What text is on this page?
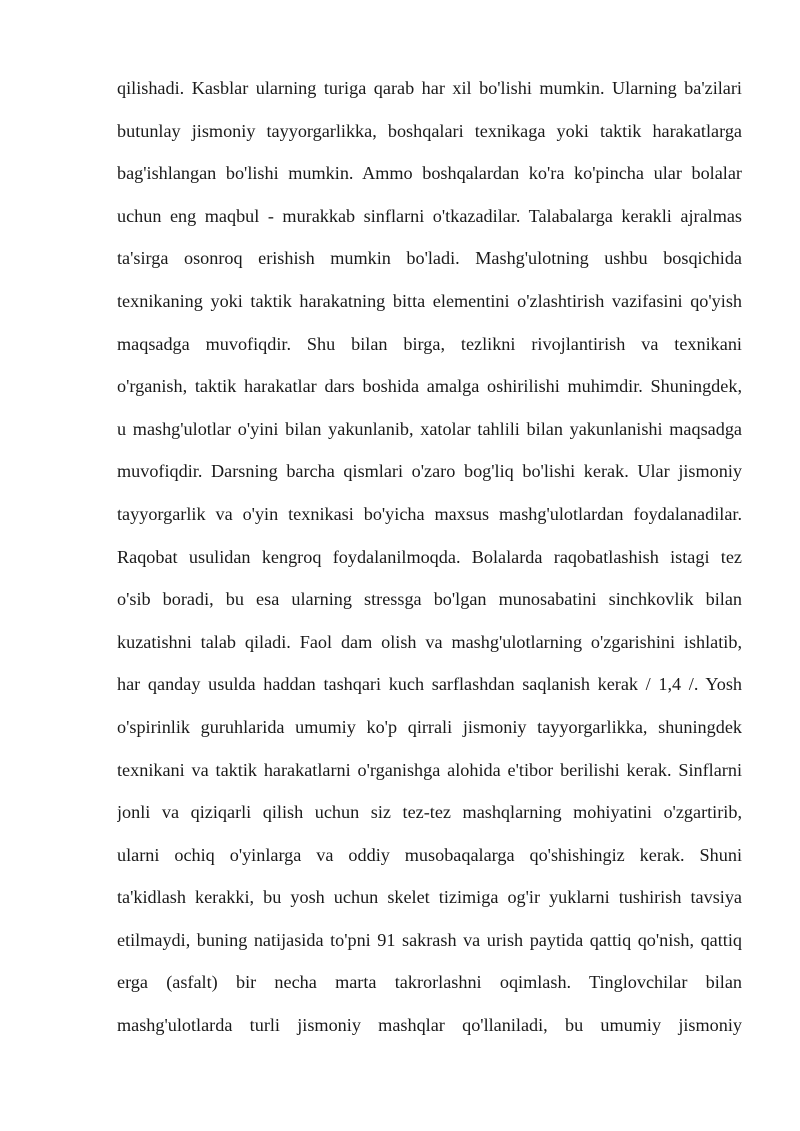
qilishadi. Kasblar ularning turiga qarab har xil bo'lishi mumkin. Ularning ba'zilari
butunlay jismoniy tayyorgarlikka, boshqalari texnikaga yoki taktik harakatlarga
bag'ishlangan bo'lishi mumkin. Ammo boshqalardan ko'ra ko'pincha ular bolalar
uchun eng maqbul - murakkab sinflarni o'tkazadilar. Talabalarga kerakli ajralmas
ta'sirga osonroq erishish mumkin bo'ladi. Mashg'ulotning ushbu bosqichida
texnikaning yoki taktik harakatning bitta elementini o'zlashtirish vazifasini qo'yish
maqsadga muvofiqdir. Shu bilan birga, tezlikni rivojlantirish va texnikani
o'rganish, taktik harakatlar dars boshida amalga oshirilishi muhimdir. Shuningdek,
u mashg'ulotlar o'yini bilan yakunlanib, xatolar tahlili bilan yakunlanishi maqsadga
muvofiqdir. Darsning barcha qismlari o'zaro bog'liq bo'lishi kerak. Ular jismoniy
tayyorgarlik va o'yin texnikasi bo'yicha maxsus mashg'ulotlardan foydalanadilar.
Raqobat usulidan kengroq foydalanilmoqda. Bolalarda raqobatlashish istagi tez
o'sib boradi, bu esa ularning stressga bo'lgan munosabatini sinchkovlik bilan
kuzatishni talab qiladi. Faol dam olish va mashg'ulotlarning o'zgarishini ishlatib,
har qanday usulda haddan tashqari kuch sarflashdan saqlanish kerak / 1,4 /. Yosh
o'spirinlik guruhlarida umumiy ko'p qirrali jismoniy tayyorgarlikka, shuningdek
texnikani va taktik harakatlarni o'rganishga alohida e'tibor berilishi kerak. Sinflarni
jonli va qiziqarli qilish uchun siz tez-tez mashqlarning mohiyatini o'zgartirib,
ularni ochiq o'yinlarga va oddiy musobaqalarga qo'shishingiz kerak. Shuni
ta'kidlash kerakki, bu yosh uchun skelet tizimiga og'ir yuklarni tushirish tavsiya
etilmaydi, buning natijasida to'pni 91 sakrash va urish paytida qattiq qo'nish, qattiq
erga (asfalt) bir necha marta takrorlashni oqimlash. Tinglovchilar bilan
mashg'ulotlarda turli jismoniy mashqlar qo'llaniladi, bu umumiy jismoniy
